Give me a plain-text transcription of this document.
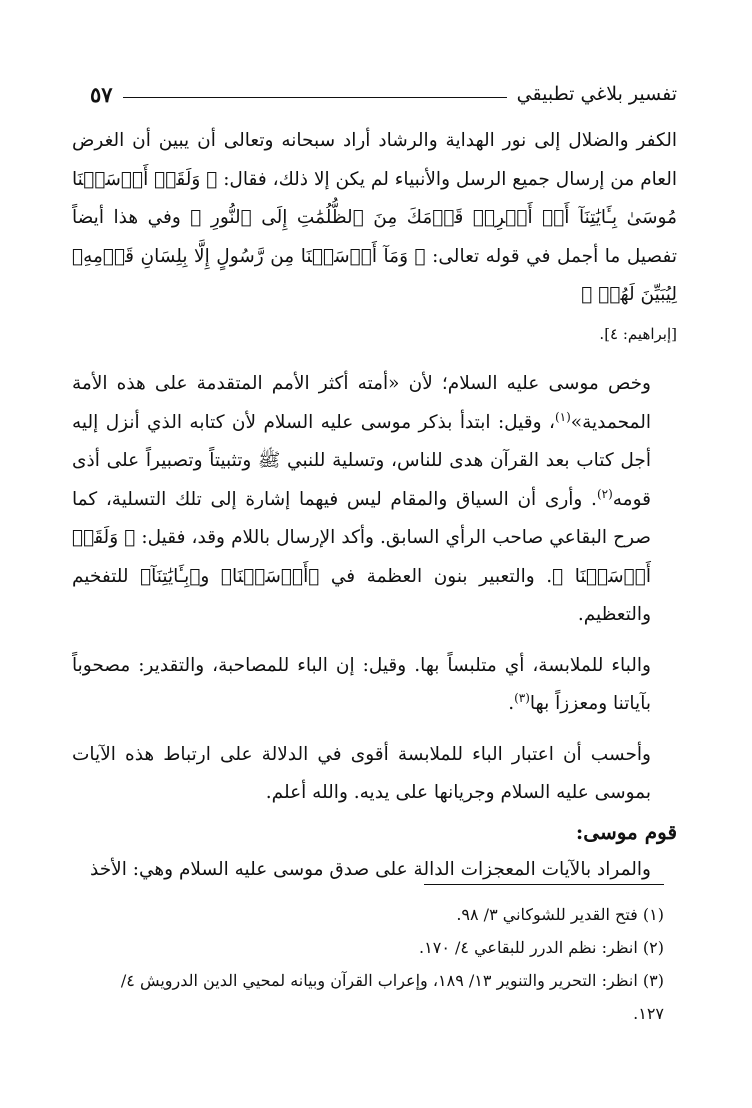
تفسير بلاغي تطبيقي
٥٧

الكفر والضلال إلى نور الهداية والرشاد أراد سبحانه وتعالى أن يبين أن الغرض العام من إرسال جميع الرسل والأنبياء لم يكن إلا ذلك، فقال: ﴿ وَلَقَدۡ أَرۡسَلۡنَا مُوسَىٰ بِـَٔايَٰتِنَآ أَنۡ أَخۡرِجۡ قَوۡمَكَ مِنَ ٱلظُّلُمَٰتِ إِلَى ٱلنُّورِ ﴾ وفي هذا أيضاً تفصيل ما أجمل في قوله تعالى: ﴿ وَمَآ أَرۡسَلۡنَا مِن رَّسُولٍ إِلَّا بِلِسَانِ قَوۡمِهِۦ لِيُبَيِّنَ لَهُمۡ ﴾

[إبراهيم: ٤].

وخص موسى عليه السلام؛ لأن «أمته أكثر الأمم المتقدمة على هذه الأمة المحمدية»$^{(١)}$، وقيل: ابتدأ بذكر موسى عليه السلام لأن كتابه الذي أنزل إليه أجل كتاب بعد القرآن هدى للناس، وتسلية للنبي ﷺ وتثبيتاً وتصبيراً على أذى قومه$^{(٢)}$. وأرى أن السياق والمقام ليس فيهما إشارة إلى تلك التسلية، كما صرح البقاعي صاحب الرأي السابق. وأكد الإرسال باللام وقد، فقيل: ﴿ وَلَقَدۡ أَرۡسَلۡنَا ﴾. والتعبير بنون العظمة في ﴿أَرۡسَلۡنَا﴾ و﴿بِـَٔايَٰتِنَآ﴾ للتفخيم والتعظيم.

والباء للملابسة، أي متلبساً بها. وقيل: إن الباء للمصاحبة، والتقدير: مصحوباً بآياتنا ومعززاً بها$^{(٣)}$.

وأحسب أن اعتبار الباء للملابسة أقوى في الدلالة على ارتباط هذه الآيات بموسى عليه السلام وجريانها على يديه. والله أعلم.

قوم موسى:

والمراد بالآيات المعجزات الدالة على صدق موسى عليه السلام وهي: الأخذ

(١) فتح القدير للشوكاني ٣/ ٩٨.

(٢) انظر: نظم الدرر للبقاعي ٤/ ١٧٠.

(٣) انظر: التحرير والتنوير ١٣/ ١٨٩، وإعراب القرآن وبيانه لمحيي الدين الدرويش ٤/ ١٢٧.
